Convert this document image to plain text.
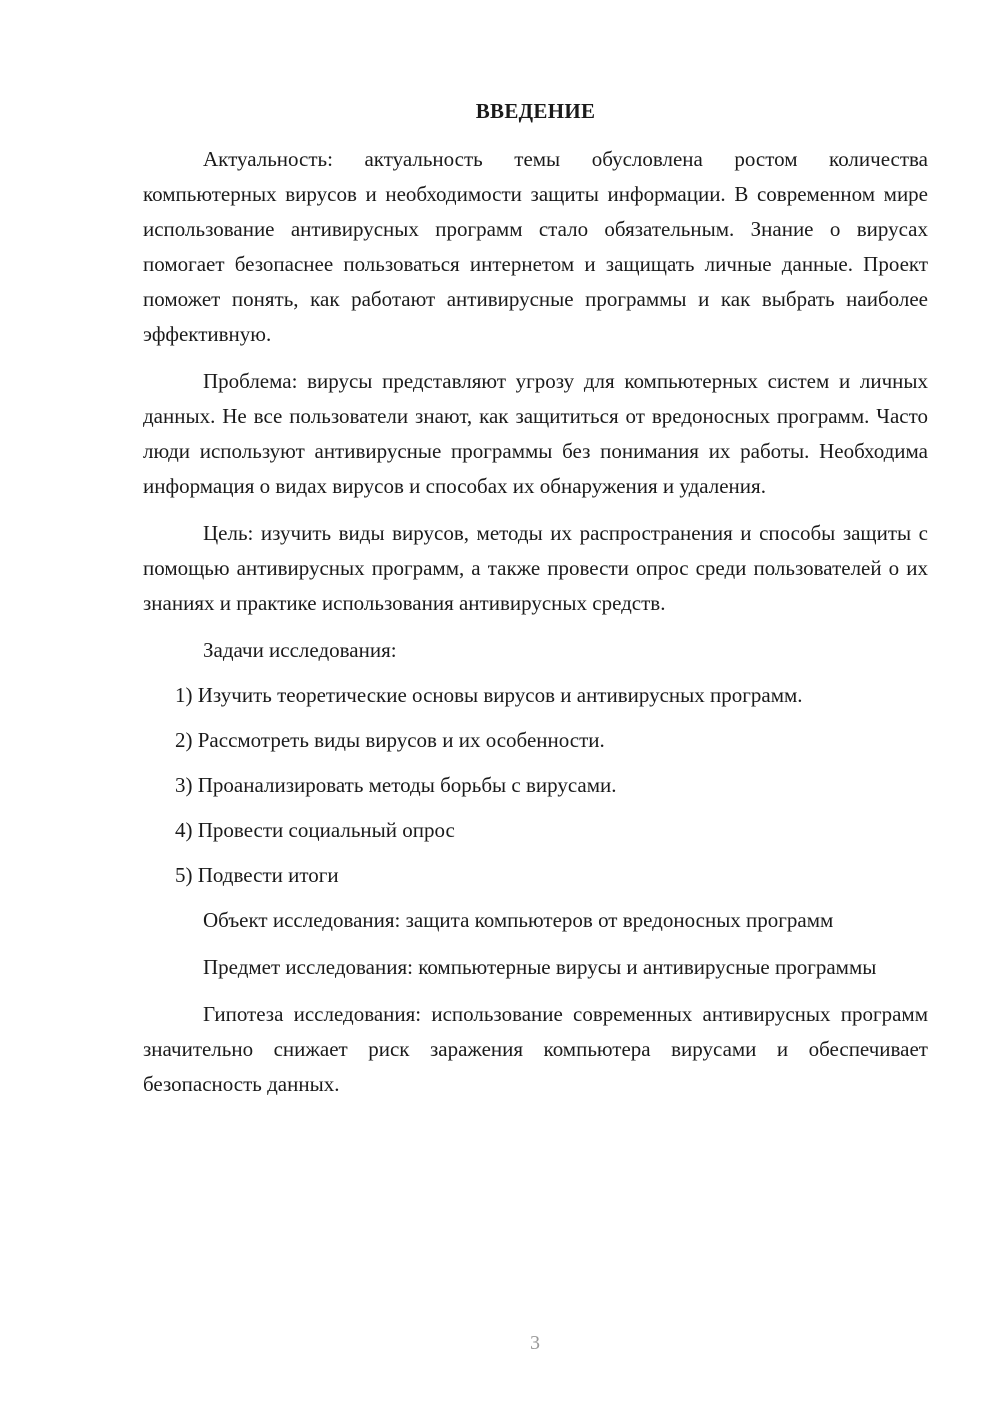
ВВЕДЕНИЕ

Актуальность: актуальность темы обусловлена ростом количества компьютерных вирусов и необходимости защиты информации. В современном мире использование антивирусных программ стало обязательным. Знание о вирусах помогает безопаснее пользоваться интернетом и защищать личные данные. Проект поможет понять, как работают антивирусные программы и как выбрать наиболее эффективную.

Проблема: вирусы представляют угрозу для компьютерных систем и личных данных. Не все пользователи знают, как защититься от вредоносных программ. Часто люди используют антивирусные программы без понимания их работы. Необходима информация о видах вирусов и способах их обнаружения и удаления.

Цель: изучить виды вирусов, методы их распространения и способы защиты с помощью антивирусных программ, а также провести опрос среди пользователей о их знаниях и практике использования антивирусных средств.

Задачи исследования:

1) Изучить теоретические основы вирусов и антивирусных программ.
2) Рассмотреть виды вирусов и их особенности.
3) Проанализировать методы борьбы с вирусами.
4) Провести социальный опрос
5) Подвести итоги

Объект исследования: защита компьютеров от вредоносных программ

Предмет исследования: компьютерные вирусы и антивирусные программы

Гипотеза исследования: использование современных антивирусных программ значительно снижает риск заражения компьютера вирусами и обеспечивает безопасность данных.

3
